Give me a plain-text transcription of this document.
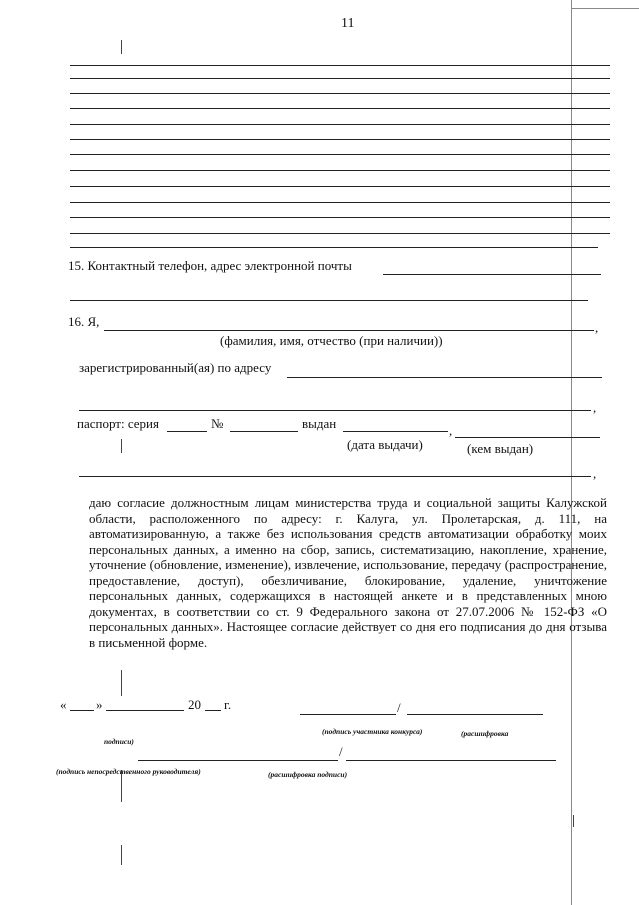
11
15. Контактный телефон, адрес электронной почты
16. Я,	,
(фамилия, имя, отчество (при наличии))
зарегистрированный(ая) по адресу
,
паспорт: серия	№	выдан	,
(дата выдачи)	(кем выдан)
,

даю согласие должностным лицам министерства труда и социальной защиты Калужской области, расположенного по адресу: г. Калуга, ул. Пролетарская, д. 111, на автоматизированную, а также без использования средств автоматизации обработку моих персональных данных, а именно на сбор, запись, систематизацию, накопление, хранение, уточнение (обновление, изменение), извлечение, использование, передачу (распространение, предоставление, доступ), обезличивание, блокирование, удаление, уничтожение персональных данных, содержащихся в настоящей анкете и в представленных мною документах, в соответствии со ст. 9 Федерального закона от 27.07.2006 № 152-ФЗ «О персональных данных». Настоящее согласие действует со дня его подписания до дня отзыва в письменной форме.

« »	20 г.	/
(подпись участника конкурса)	(расшифровка
подписи)
/
(подпись непосредственного руководителя)	(расшифровка подписи)
